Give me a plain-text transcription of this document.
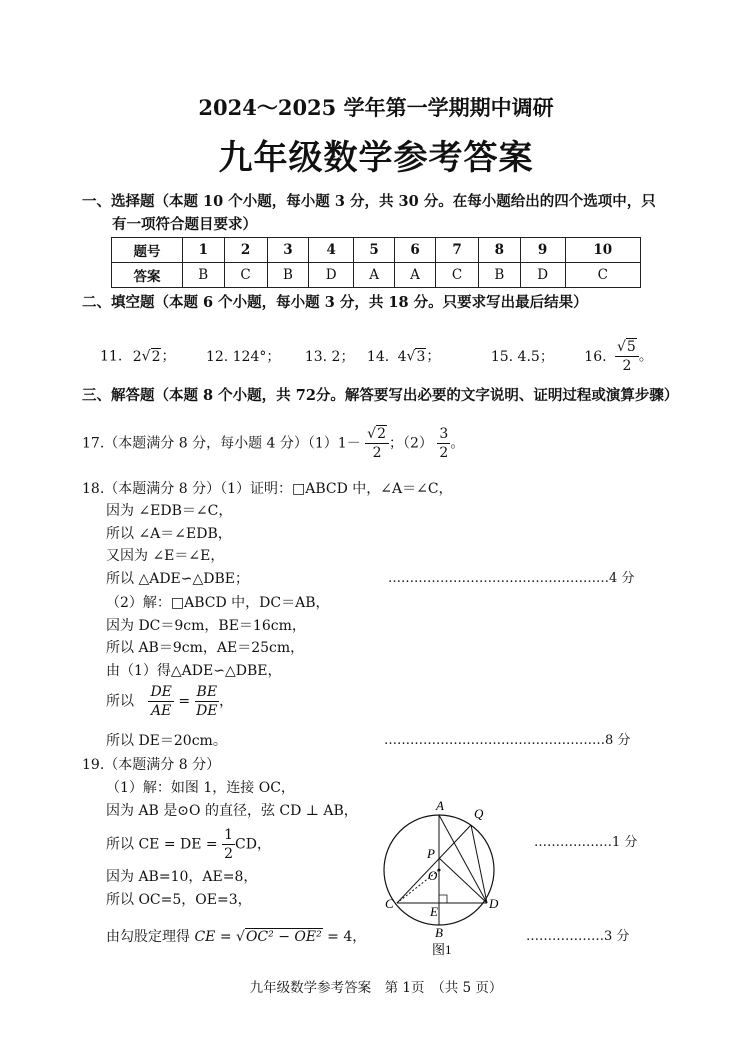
2024～2025 学年第一学期期中调研
九年级数学参考答案
一、选择题（本题 10 个小题，每小题 3 分，共 30 分。在每小题给出的四个选项中，只
有一项符合题目要求）
题号	1	2	3	4	5	6	7	8	9	10
答案	B	C	B	D	A	A	C	B	D	C
二、填空题（本题 6 个小题，每小题 3 分，共 18 分。只要求写出最后结果）
11. 2√2； 12. 124°； 13. 2； 14. 4√3；	15. 4.5； 16. $\frac{√5}{2}$ 。
三、解答题（本题 8 个小题，共 72分。解答要写出必要的文字说明、证明过程或演算步骤）
17.（本题满分 8 分，每小题 4 分）$(1)1- \frac{√2}{2}$ ；$(2) \frac{3}{2}$ 。
18.（本题满分 8 分）（1）证明：□ABCD 中，∠A＝∠C，
因为 ∠EDB＝∠C，
所以 ∠A＝∠EDB，
又因为 ∠E＝∠E，
所以 △ADE∽△DBE；	……………………………………………4 分
（2）解：□ABCD 中，DC＝AB，
因为 DC＝9cm，BE＝16cm，
所以 AB＝9cm，AE＝25cm，
由（1）得△ADE∽△DBE，
所以 $\frac{DE}{AE} = \frac{BE}{DE}$ ，
所以 DE＝20cm。	……………………………………………8 分
19.（本题满分 8 分）
（1）解：如图 1，连接 OC，
因为 AB 是⊙O 的直径，弦 CD ⊥ AB，
所以 CE = DE = $\frac{1}{2}$ CD，	………………1 分
因为 AB=10，AE=8，
所以 OC=5，OE=3，
由勾股定理得 CE = √OC² − OE² = 4，	………………3 分
A
Q
P
O
C
E
D
B
图1
九年级数学参考答案　第 1页　（共 5 页）
